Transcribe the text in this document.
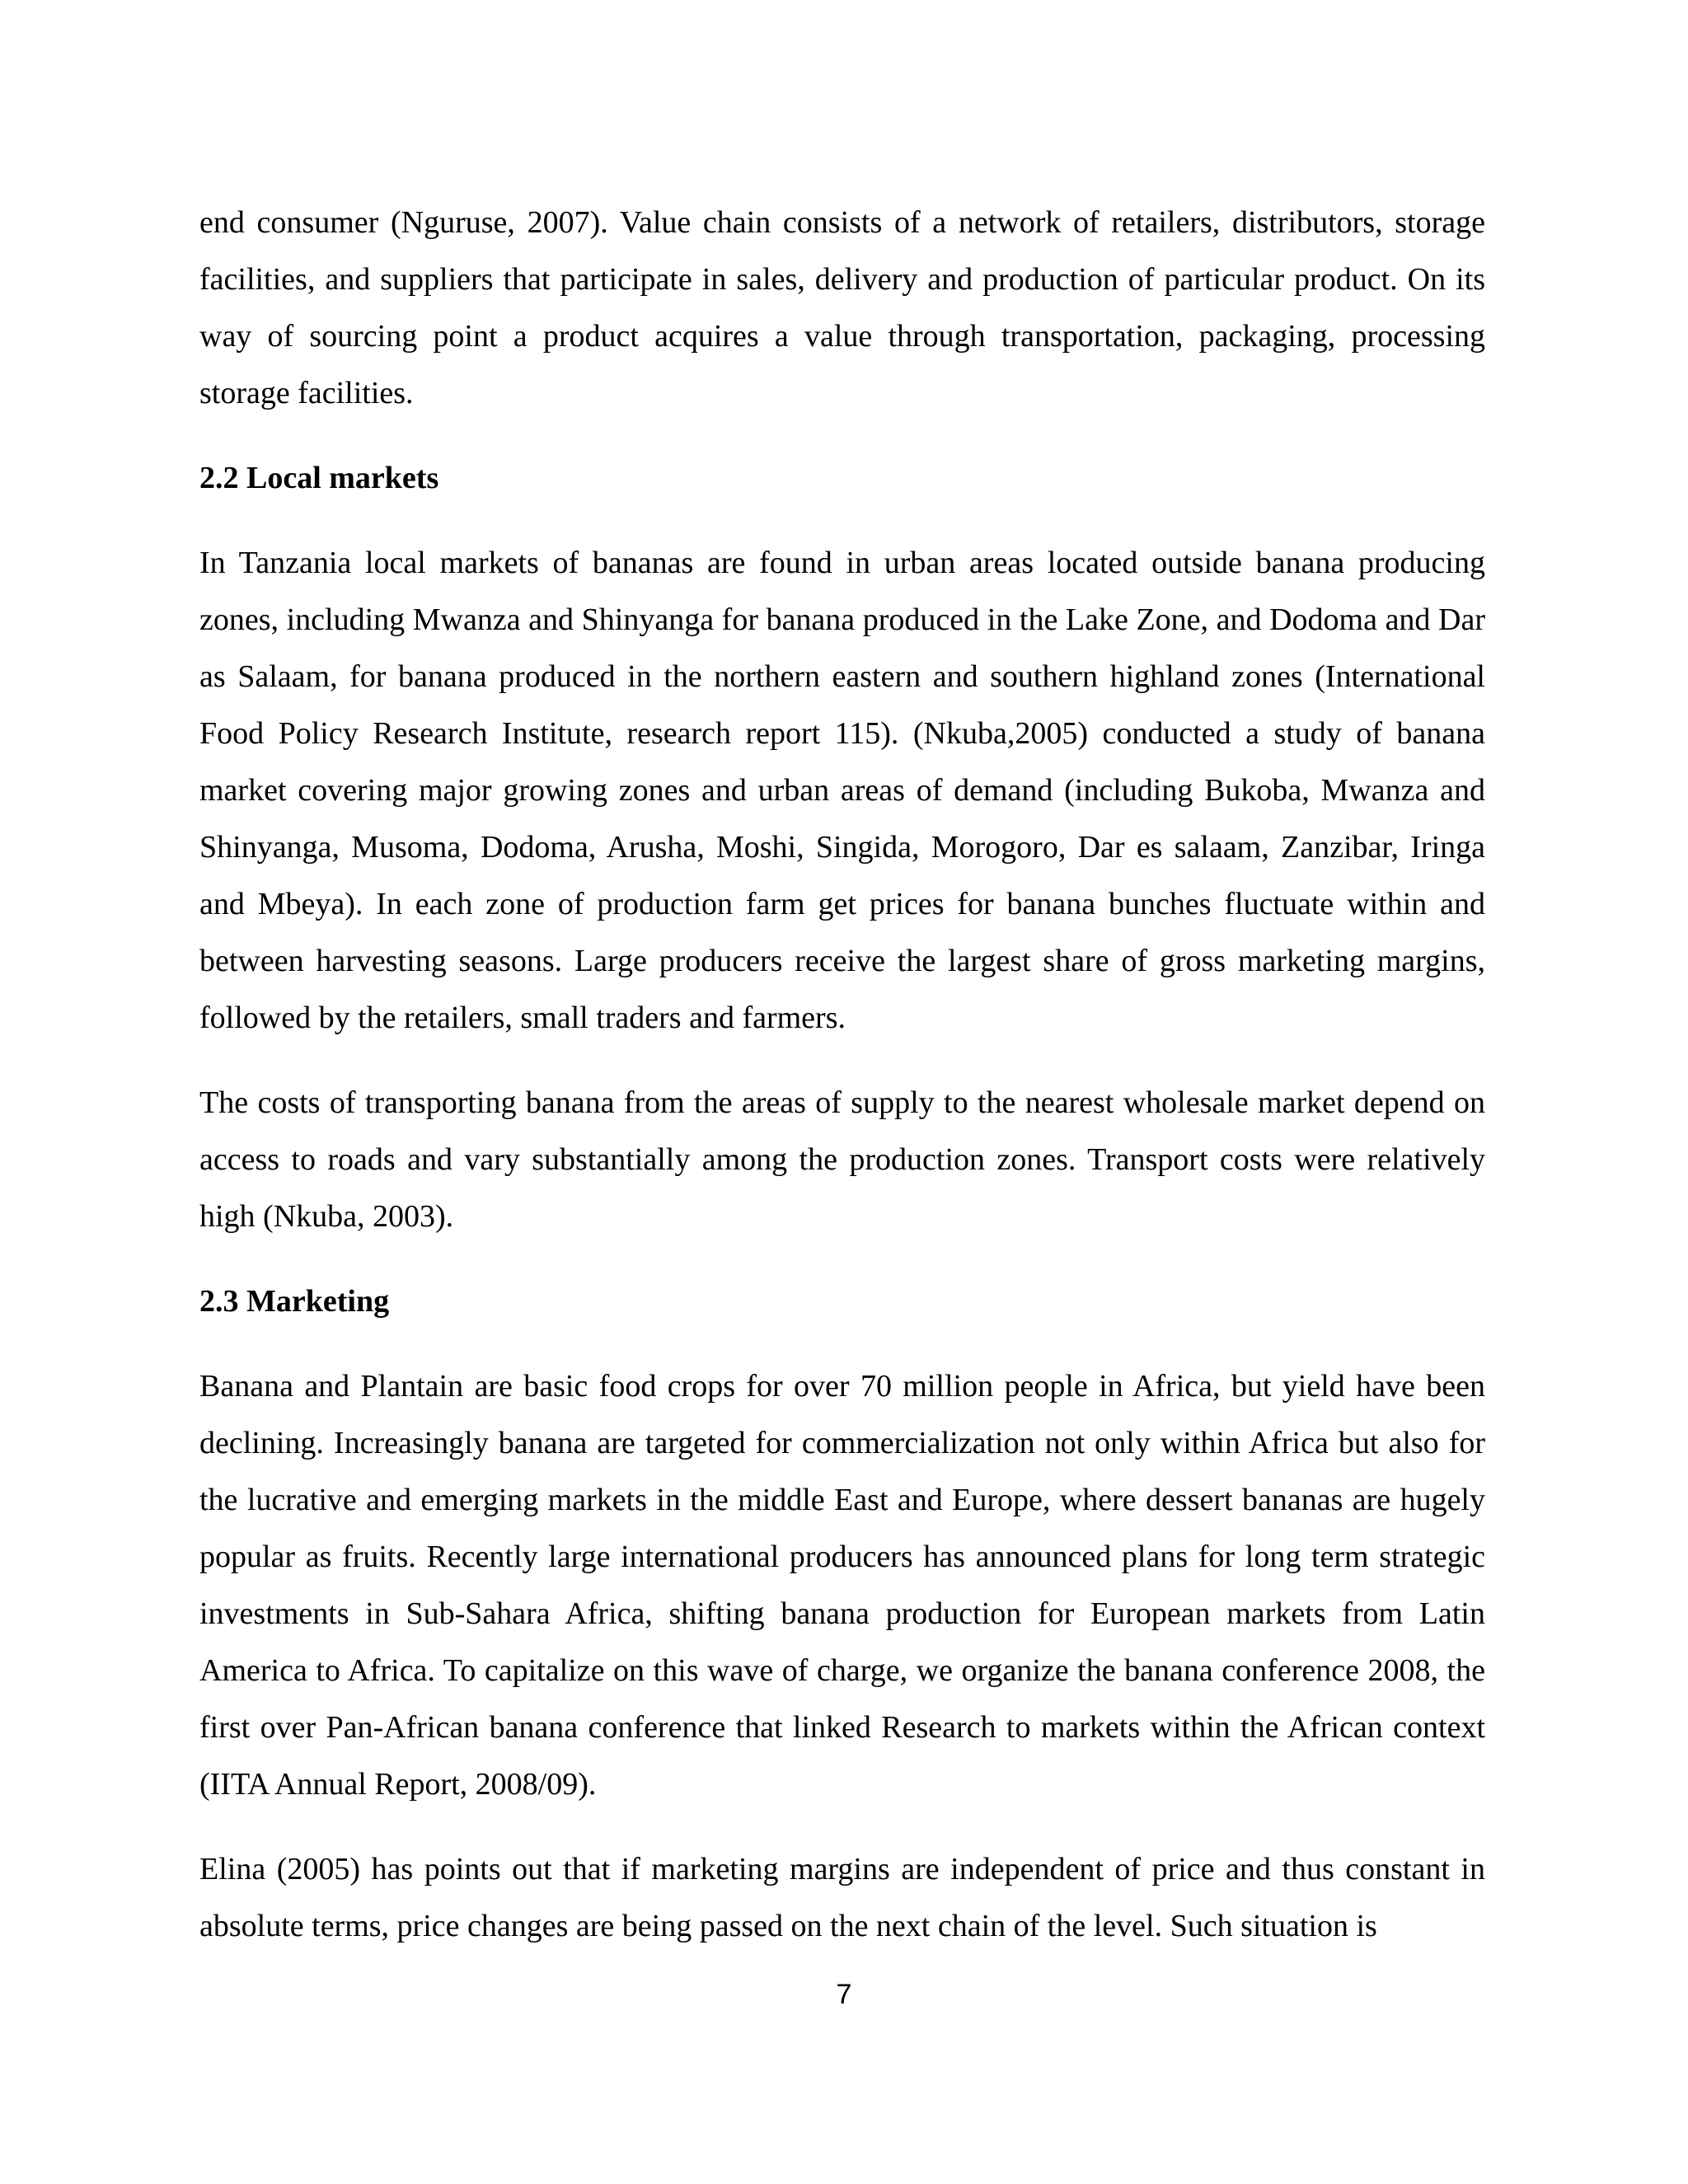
end consumer (Nguruse, 2007). Value chain consists of a network of retailers, distributors, storage facilities, and suppliers that participate in sales, delivery and production of particular product. On its way of sourcing point a product acquires a value through transportation, packaging, processing storage facilities.

2.2 Local markets

In Tanzania local markets of bananas are found in urban areas located outside banana producing zones, including Mwanza and Shinyanga for banana produced in the Lake Zone, and Dodoma and Dar as Salaam, for banana produced in the northern eastern and southern highland zones (International Food Policy Research Institute, research report 115). (Nkuba,2005) conducted a study of banana market covering major growing zones and urban areas of demand (including Bukoba, Mwanza and Shinyanga, Musoma, Dodoma, Arusha, Moshi, Singida, Morogoro, Dar es salaam, Zanzibar, Iringa and Mbeya). In each zone of production farm get prices for banana bunches fluctuate within and between harvesting seasons. Large producers receive the largest share of gross marketing margins, followed by the retailers, small traders and farmers.

The costs of transporting banana from the areas of supply to the nearest wholesale market depend on access to roads and vary substantially among the production zones. Transport costs were relatively high (Nkuba, 2003).

2.3 Marketing

Banana and Plantain are basic food crops for over 70 million people in Africa, but yield have been declining. Increasingly banana are targeted for commercialization not only within Africa but also for the lucrative and emerging markets in the middle East and Europe, where dessert bananas are hugely popular as fruits. Recently large international producers has announced plans for long term strategic investments in Sub-Sahara Africa, shifting banana production for European markets from Latin America to Africa. To capitalize on this wave of charge, we organize the banana conference 2008, the first over Pan-African banana conference that linked Research to markets within the African context (IITA Annual Report, 2008/09).

Elina (2005) has points out that if marketing margins are independent of price and thus constant in absolute terms, price changes are being passed on the next chain of the level. Such situation is

7
